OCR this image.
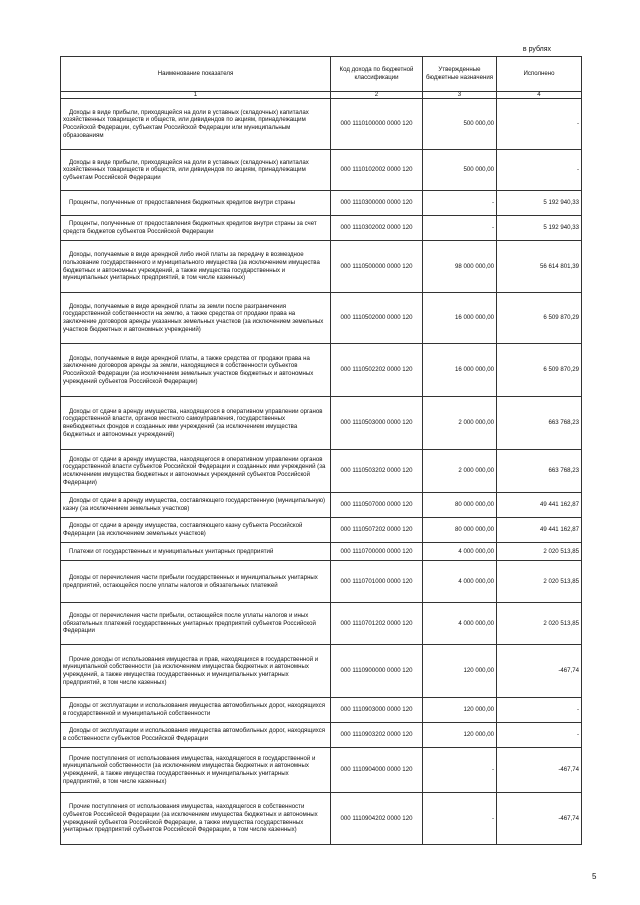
в рублях
Наименование показателя	Код дохода по бюджетной классификации	Утвержденные бюджетные назначения	Исполнено
1	2	3	4
Доходы в виде прибыли, приходящейся на доли в уставных (складочных) капиталах хозяйственных товариществ и обществ, или дивидендов по акциям, принадлежащим Российской Федерации, субъектам Российской Федерации или муниципальным образованиям	000 1110100000 0000 120	500 000,00	-
Доходы в виде прибыли, приходящейся на доли в уставных (складочных) капиталах хозяйственных товариществ и обществ, или дивидендов по акциям, принадлежащим субъектам Российской Федерации	000 1110102002 0000 120	500 000,00	-
Проценты, полученные от предоставления бюджетных кредитов внутри страны	000 1110300000 0000 120	-	5 192 940,33
Проценты, полученные от предоставления бюджетных кредитов внутри страны за счет средств бюджетов субъектов Российской Федерации	000 1110302002 0000 120	-	5 192 940,33
Доходы, получаемые в виде арендной либо иной платы за передачу в возмездное пользование государственного и муниципального имущества (за исключением имущества бюджетных и автономных учреждений, а также имущества государственных и муниципальных унитарных предприятий, в том числе казенных)	000 1110500000 0000 120	98 000 000,00	56 614 801,39
Доходы, получаемые в виде арендной платы за земли после разграничения государственной собственности на землю, а также средства от продажи права на заключение договоров аренды указанных земельных участков (за исключением земельных участков бюджетных и автономных учреждений)	000 1110502000 0000 120	16 000 000,00	6 509 870,29
Доходы, получаемые в виде арендной платы, а также средства от продажи права на заключение договоров аренды за земли, находящиеся в собственности субъектов Российской Федерации (за исключением земельных участков бюджетных и автономных учреждений субъектов Российской Федерации)	000 1110502202 0000 120	16 000 000,00	6 509 870,29
Доходы от сдачи в аренду имущества, находящегося в оперативном управлении органов государственной власти, органов местного самоуправления, государственных внебюджетных фондов и созданных ими учреждений (за исключением имущества бюджетных и автономных учреждений)	000 1110503000 0000 120	2 000 000,00	663 768,23
Доходы от сдачи в аренду имущества, находящегося в оперативном управлении органов государственной власти субъектов Российской Федерации и созданных ими учреждений (за исключением имущества бюджетных и автономных учреждений субъектов Российской Федерации)	000 1110503202 0000 120	2 000 000,00	663 768,23
Доходы от сдачи в аренду имущества, составляющего государственную (муниципальную) казну (за исключением земельных участков)	000 1110507000 0000 120	80 000 000,00	49 441 162,87
Доходы от сдачи в аренду имущества, составляющего казну субъекта Российской Федерации (за исключением земельных участков)	000 1110507202 0000 120	80 000 000,00	49 441 162,87
Платежи от государственных и муниципальных унитарных предприятий	000 1110700000 0000 120	4 000 000,00	2 020 513,85
Доходы от перечисления части прибыли государственных и муниципальных унитарных предприятий, остающейся после уплаты налогов и обязательных платежей	000 1110701000 0000 120	4 000 000,00	2 020 513,85
Доходы от перечисления части прибыли, остающейся после уплаты налогов и иных обязательных платежей государственных унитарных предприятий субъектов Российской Федерации	000 1110701202 0000 120	4 000 000,00	2 020 513,85
Прочие доходы от использования имущества и прав, находящихся в государственной и муниципальной собственности (за исключением имущества бюджетных и автономных учреждений, а также имущества государственных и муниципальных унитарных предприятий, в том числе казенных)	000 1110900000 0000 120	120 000,00	-467,74
Доходы от эксплуатации и использования имущества автомобильных дорог, находящихся в государственной и муниципальной собственности	000 1110903000 0000 120	120 000,00	-
Доходы от эксплуатации и использования имущества автомобильных дорог, находящихся в собственности субъектов Российской Федерации	000 1110903202 0000 120	120 000,00	-
Прочие поступления от использования имущества, находящегося в государственной и муниципальной собственности (за исключением имущества бюджетных и автономных учреждений, а также имущества государственных и муниципальных унитарных предприятий, в том числе казенных)	000 1110904000 0000 120	-	-467,74
Прочие поступления от использования имущества, находящегося в собственности субъектов Российской Федерации (за исключением имущества бюджетных и автономных учреждений субъектов Российской Федерации, а также имущества государственных унитарных предприятий субъектов Российской Федерации, в том числе казенных)	000 1110904202 0000 120	-	-467,74
5
